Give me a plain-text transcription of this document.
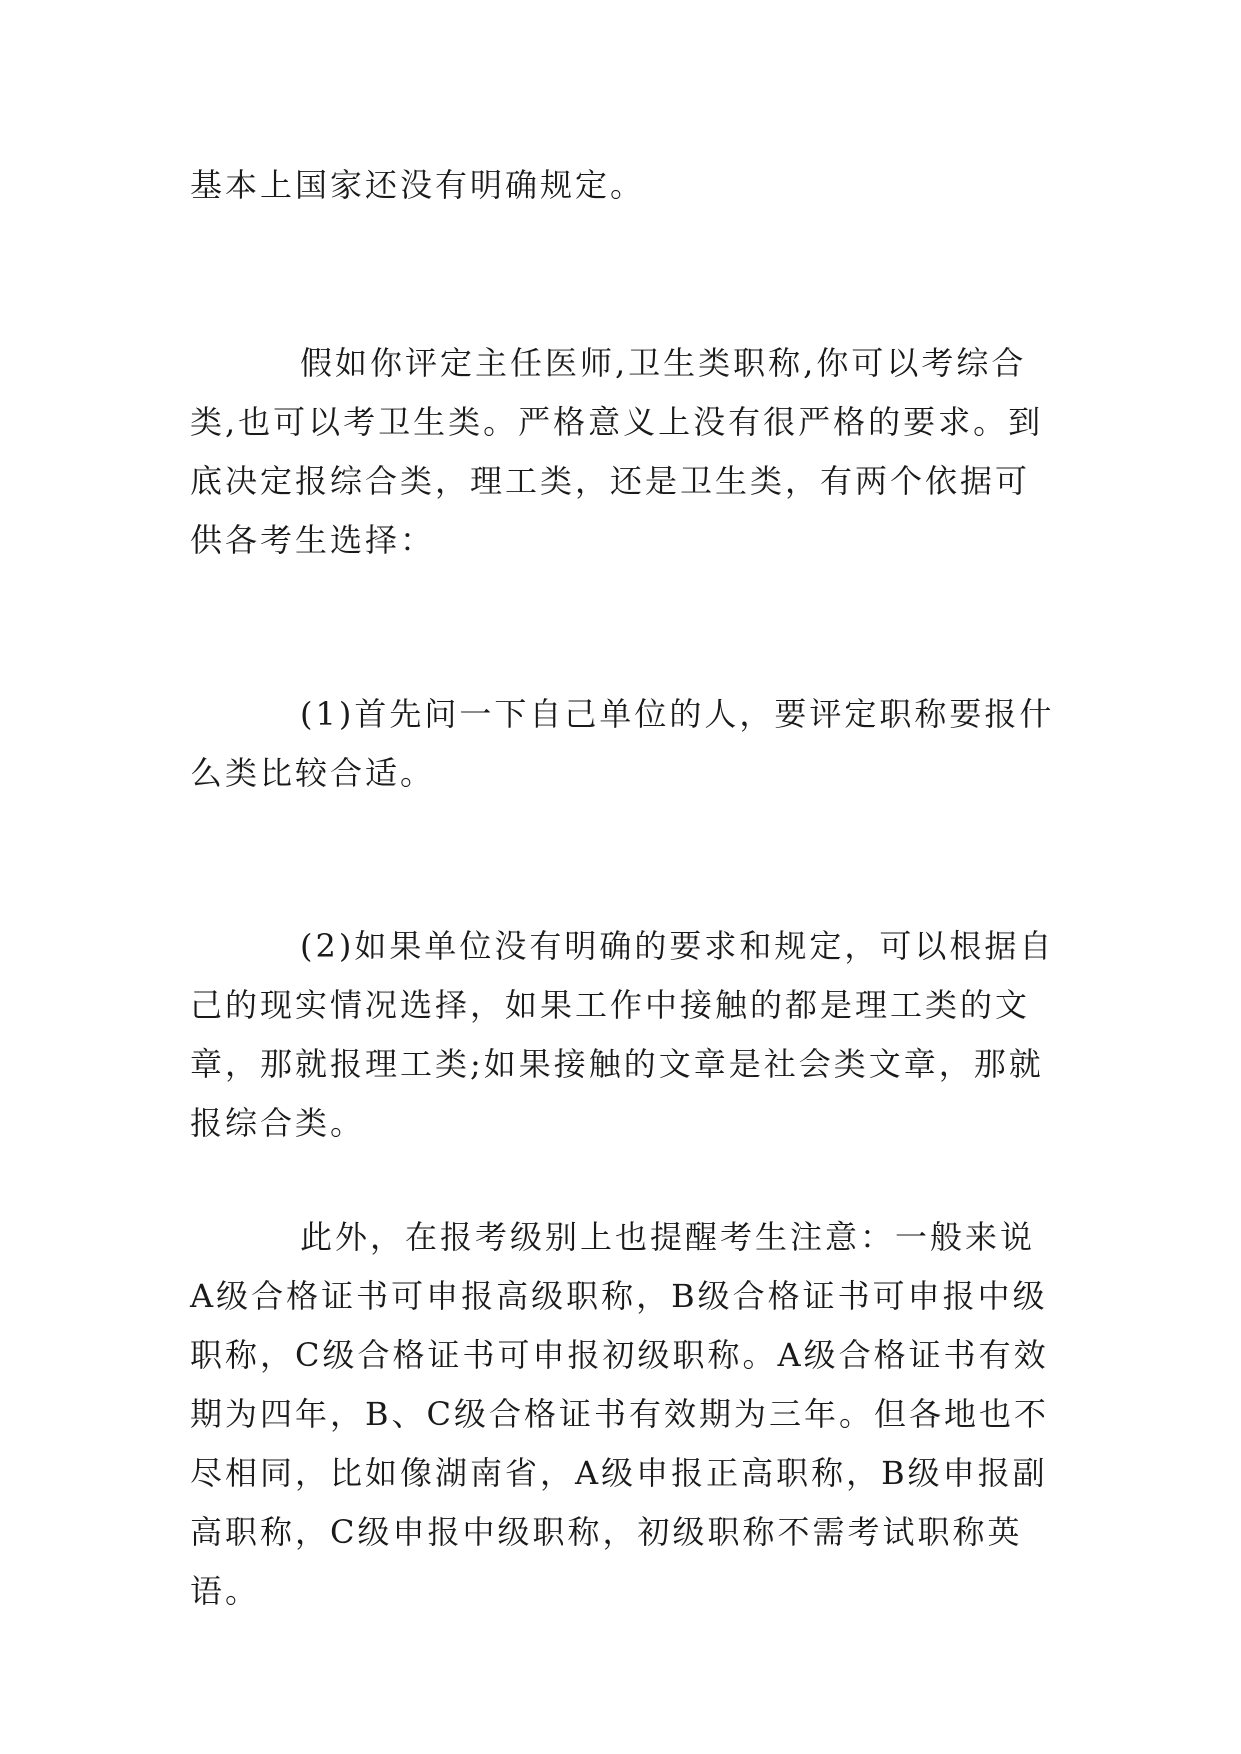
基本上国家还没有明确规定。

假如你评定主任医师,卫生类职称,你可以考综合类,也可以考卫生类。严格意义上没有很严格的要求。到底决定报综合类，理工类，还是卫生类，有两个依据可供各考生选择：

(1)首先问一下自己单位的人，要评定职称要报什么类比较合适。

(2)如果单位没有明确的要求和规定，可以根据自己的现实情况选择，如果工作中接触的都是理工类的文章，那就报理工类;如果接触的文章是社会类文章，那就报综合类。

此外，在报考级别上也提醒考生注意：一般来说A级合格证书可申报高级职称，B级合格证书可申报中级职称，C级合格证书可申报初级职称。A级合格证书有效期为四年，B、C级合格证书有效期为三年。但各地也不尽相同，比如像湖南省，A级申报正高职称，B级申报副高职称，C级申报中级职称，初级职称不需考试职称英语。
